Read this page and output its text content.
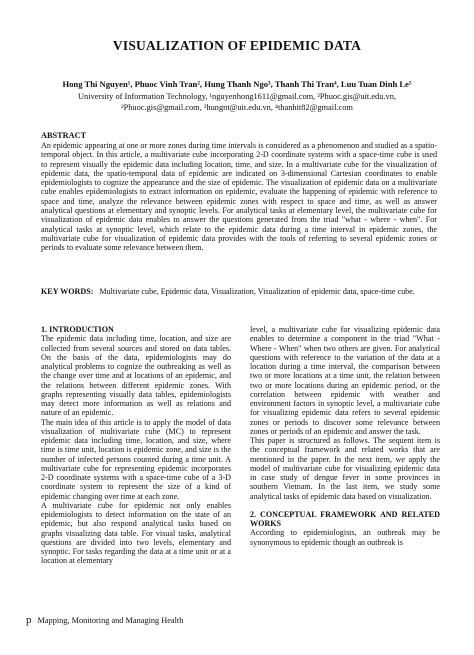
VISUALIZATION OF EPIDEMIC DATA
Hong Thi Nguyen¹, Phuoc Vinh Tran², Hung Thanh Ngo³, Thanh Thi Tran⁴, Luu Tuan Dinh Le⁵
University of Information Technology, ¹nguyenhong1611@gmail.com, ²Phuoc.gis@uit.edu.vn,
²Phuoc.gis@gmail.com, ³hungnt@uit.edu.vn, ⁴thanhit82@gmail.com
ABSTRACT
An epidemic appearing at one or more zones during time intervals is considered as a phenomenon and studied as a spatio-temporal object. In this article, a multivariate cube incorporating 2-D coordinate systems with a space-time cube is used to represent visually the epidemic data including location, time, and size. In a multivariate cube for the visualization of epidemic data, the spatio-temporal data of epidemic are indicated on 3-dimensional Cartesian coordinates to enable epidemiologists to cognize the appearance and the size of epidemic. The visualization of epidemic data on a multivariate cube enables epidemiologists to extract information on epidemic, evaluate the happening of epidemic with reference to space and time, analyze the relevance between epidemic zones with respect to space and time, as well as answer analytical questions at elementary and synoptic levels. For analytical tasks at elementary level, the multivariate cube for visualization of epidemic data enables to answer the questions generated from the triad "what - where - when". For analytical tasks at synoptic level, which relate to the epidemic data during a time interval in epidemic zones, the multivariate cube for visualization of epidemic data provides with the tools of referring to several epidemic zones or periods to evaluate some relevance between them.
KEY WORDS: Multivariate cube, Epidemic data, Visualization, Visualization of epidemic data, space-time cube.
1. INTRODUCTION

The epidemic data including time, location, and size are collected from several sources and stored on data tables. On the basis of the data, epidemiologists may do analytical problems to cognize the outbreaking as well as the change over time and at locations of an epidemic, and the relations between different epidemic zones. With graphs representing visually data tables, epidemiologists may detect more information as well as relations and nature of an epidemic.

The main idea of this article is to apply the model of data visualization of multivariate cube (MC) to represent epidemic data including time, location, and size, where time is time unit, location is epidemic zone, and size is the number of infected persons counted during a time unit. A multivariate cube for representing epidemic incorporates 2-D coordinate systems with a space-time cube of a 3-D coordinate system to represent the size of a kind of epidemic changing over time at each zone.

A multivariate cube for epidemic not only enables epidemiologists to detect information on the state of an epidemic, but also respond analytical tasks based on graphs visualizing data table. For visual tasks, analytical questions are divided into two levels, elementary and synoptic. For tasks regarding the data at a time unit or at a location at elementary

level, a multivariate cube for visualizing epidemic data enables to determine a component in the triad "What - Where - When" when two others are given. For analytical questions with reference to the variation of the data at a location during a time interval, the comparison between two or more locations at a time unit, the relation between two or more locations during an epidemic period, or the correlation between epidemic with weather and environment factors in synoptic level, a multivariate cube for visualizing epidemic data refers to several epidemic zones or periods to discover some relevance between zones or periods of an epidemic and answer the task.

This paper is structured as follows. The sequent item is the conceptual framework and related works that are mentioned in the paper. In the next item, we apply the model of multivariate cube for visualizing epidemic data in case study of dengue fever in some provinces in southern Vietnam. In the last item, we study some analytical tasks of epidemic data based on visualization.

2. CONCEPTUAL FRAMEWORK AND RELATED WORKS

According to epidemiologists, an outbreak may be synonymous to epidemic though an outbreak is

p Mapping, Monitoring and Managing Health
